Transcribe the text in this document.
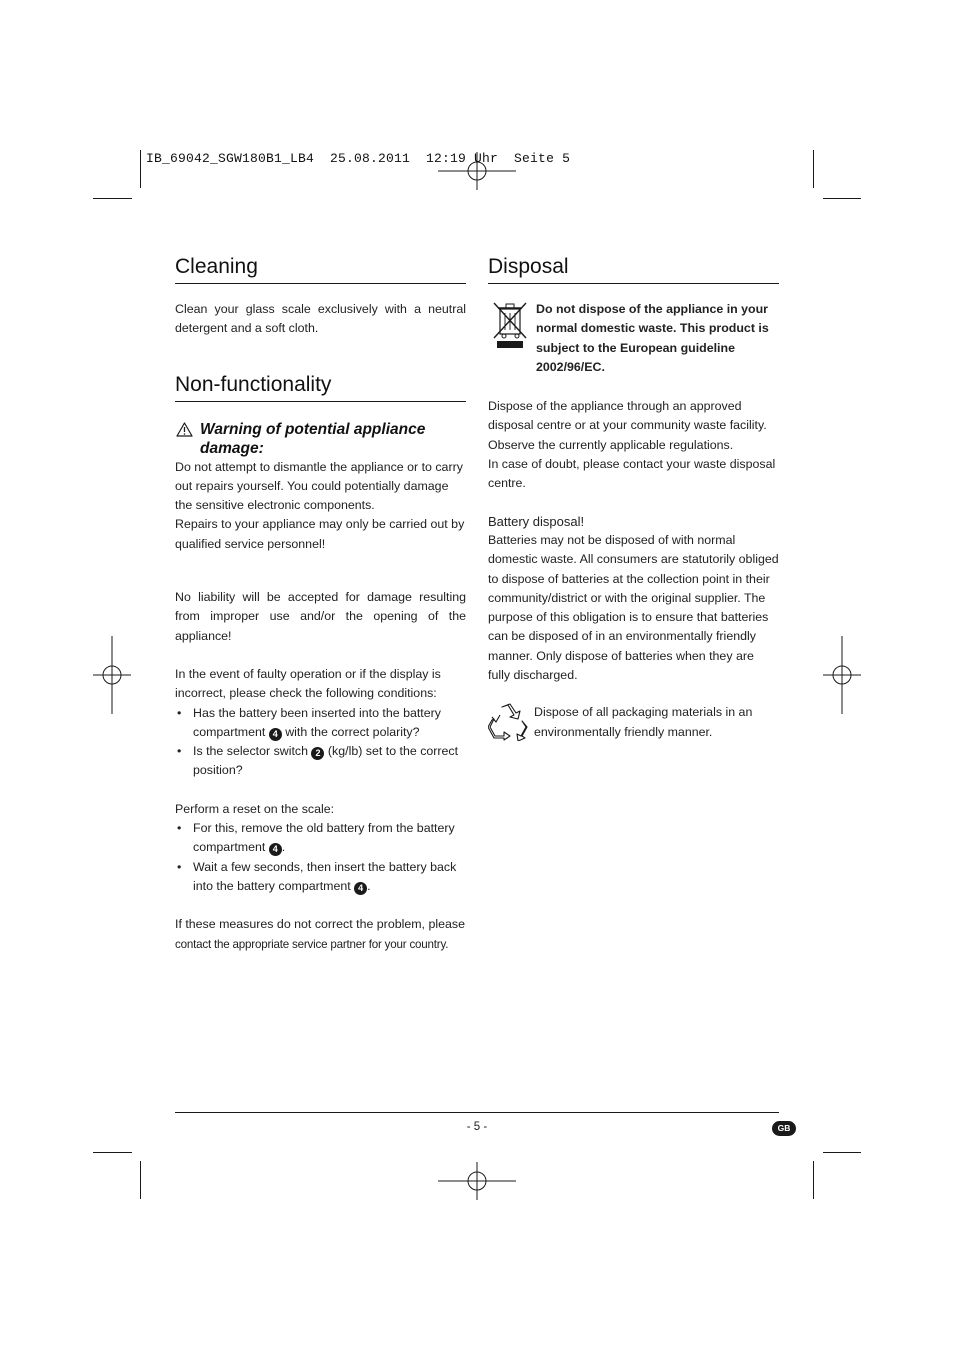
IB_69042_SGW180B1_LB4  25.08.2011  12:19 Uhr  Seite 5
Cleaning

Clean your glass scale exclusively with a neutral detergent and a soft cloth.

Non-functionality
Warning of potential appliance
damage:

Do not attempt to dismantle the appliance or to carry out repairs yourself. You could potentially damage the sensitive electronic components.

Repairs to your appliance may only be carried out by qualified service personnel!

No liability will be accepted for damage resulting from improper use and/or the opening of the appliance!

In the event of faulty operation or if the display is incorrect, please check the following conditions:

• Has the battery been inserted into the battery compartment 4 with the correct polarity?
• Is the selector switch 2 (kg/lb) set to the correct position?

Perform a reset on the scale:

• For this, remove the old battery from the battery compartment 4 .
• Wait a few seconds, then insert the battery back into the battery compartment 4 .

If these measures do not correct the problem, please

contact the appropriate service partner for your country.

Disposal

Do not dispose of the appliance in your normal domestic waste. This product is subject to the European guideline 2002/96/EC.

Dispose of the appliance through an approved disposal centre or at your community waste facility. Observe the currently applicable regulations.

In case of doubt, please contact your waste disposal centre.

Battery disposal!

Batteries may not be disposed of with normal domestic waste. All consumers are statutorily obliged to dispose of batteries at the collection point in their community/district or with the original supplier. The purpose of this obligation is to ensure that batteries can be disposed of in an environmentally friendly manner. Only dispose of batteries when they are fully discharged.

Dispose of all packaging materials in an environmentally friendly manner.

- 5 -	GB
